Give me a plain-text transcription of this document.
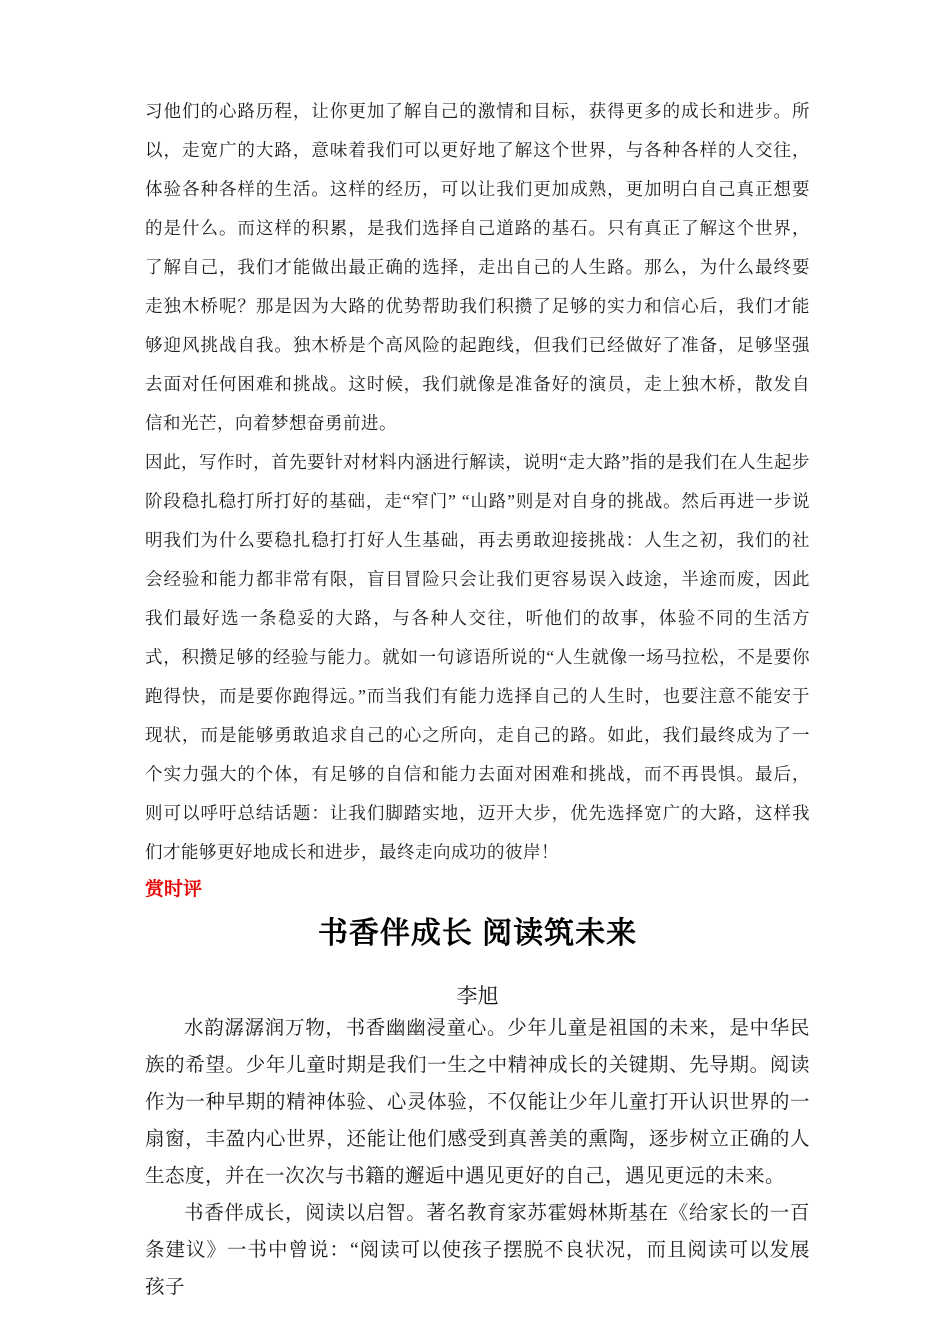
习他们的心路历程，让你更加了解自己的激情和目标，获得更多的成长和进步。所以，走宽广的大路，意味着我们可以更好地了解这个世界，与各种各样的人交往，体验各种各样的生活。这样的经历，可以让我们更加成熟，更加明白自己真正想要的是什么。而这样的积累，是我们选择自己道路的基石。只有真正了解这个世界，了解自己，我们才能做出最正确的选择，走出自己的人生路。那么，为什么最终要走独木桥呢？那是因为大路的优势帮助我们积攒了足够的实力和信心后，我们才能够迎风挑战自我。独木桥是个高风险的起跑线，但我们已经做好了准备，足够坚强去面对任何困难和挑战。这时候，我们就像是准备好的演员，走上独木桥，散发自信和光芒，向着梦想奋勇前进。

因此，写作时，首先要针对材料内涵进行解读，说明“走大路”指的是我们在人生起步阶段稳扎稳打所打好的基础，走“窄门” “山路”则是对自身的挑战。然后再进一步说明我们为什么要稳扎稳打打好人生基础，再去勇敢迎接挑战：人生之初，我们的社会经验和能力都非常有限，盲目冒险只会让我们更容易误入歧途，半途而废，因此我们最好选一条稳妥的大路，与各种人交往，听他们的故事，体验不同的生活方式，积攒足够的经验与能力。就如一句谚语所说的“人生就像一场马拉松，不是要你跑得快，而是要你跑得远。”而当我们有能力选择自己的人生时，也要注意不能安于现状，而是能够勇敢追求自己的心之所向，走自己的路。如此，我们最终成为了一个实力强大的个体，有足够的自信和能力去面对困难和挑战，而不再畏惧。最后，则可以呼吁总结话题：让我们脚踏实地，迈开大步，优先选择宽广的大路，这样我们才能够更好地成长和进步，最终走向成功的彼岸！

赏时评

书香伴成长 阅读筑未来
李旭

水韵潺潺润万物，书香幽幽浸童心。少年儿童是祖国的未来，是中华民族的希望。少年儿童时期是我们一生之中精神成长的关键期、先导期。阅读作为一种早期的精神体验、心灵体验，不仅能让少年儿童打开认识世界的一扇窗，丰盈内心世界，还能让他们感受到真善美的熏陶，逐步树立正确的人生态度，并在一次次与书籍的邂逅中遇见更好的自己，遇见更远的未来。

书香伴成长，阅读以启智。著名教育家苏霍姆林斯基在《给家长的一百条建议》一书中曾说：“阅读可以使孩子摆脱不良状况，而且阅读可以发展孩子
